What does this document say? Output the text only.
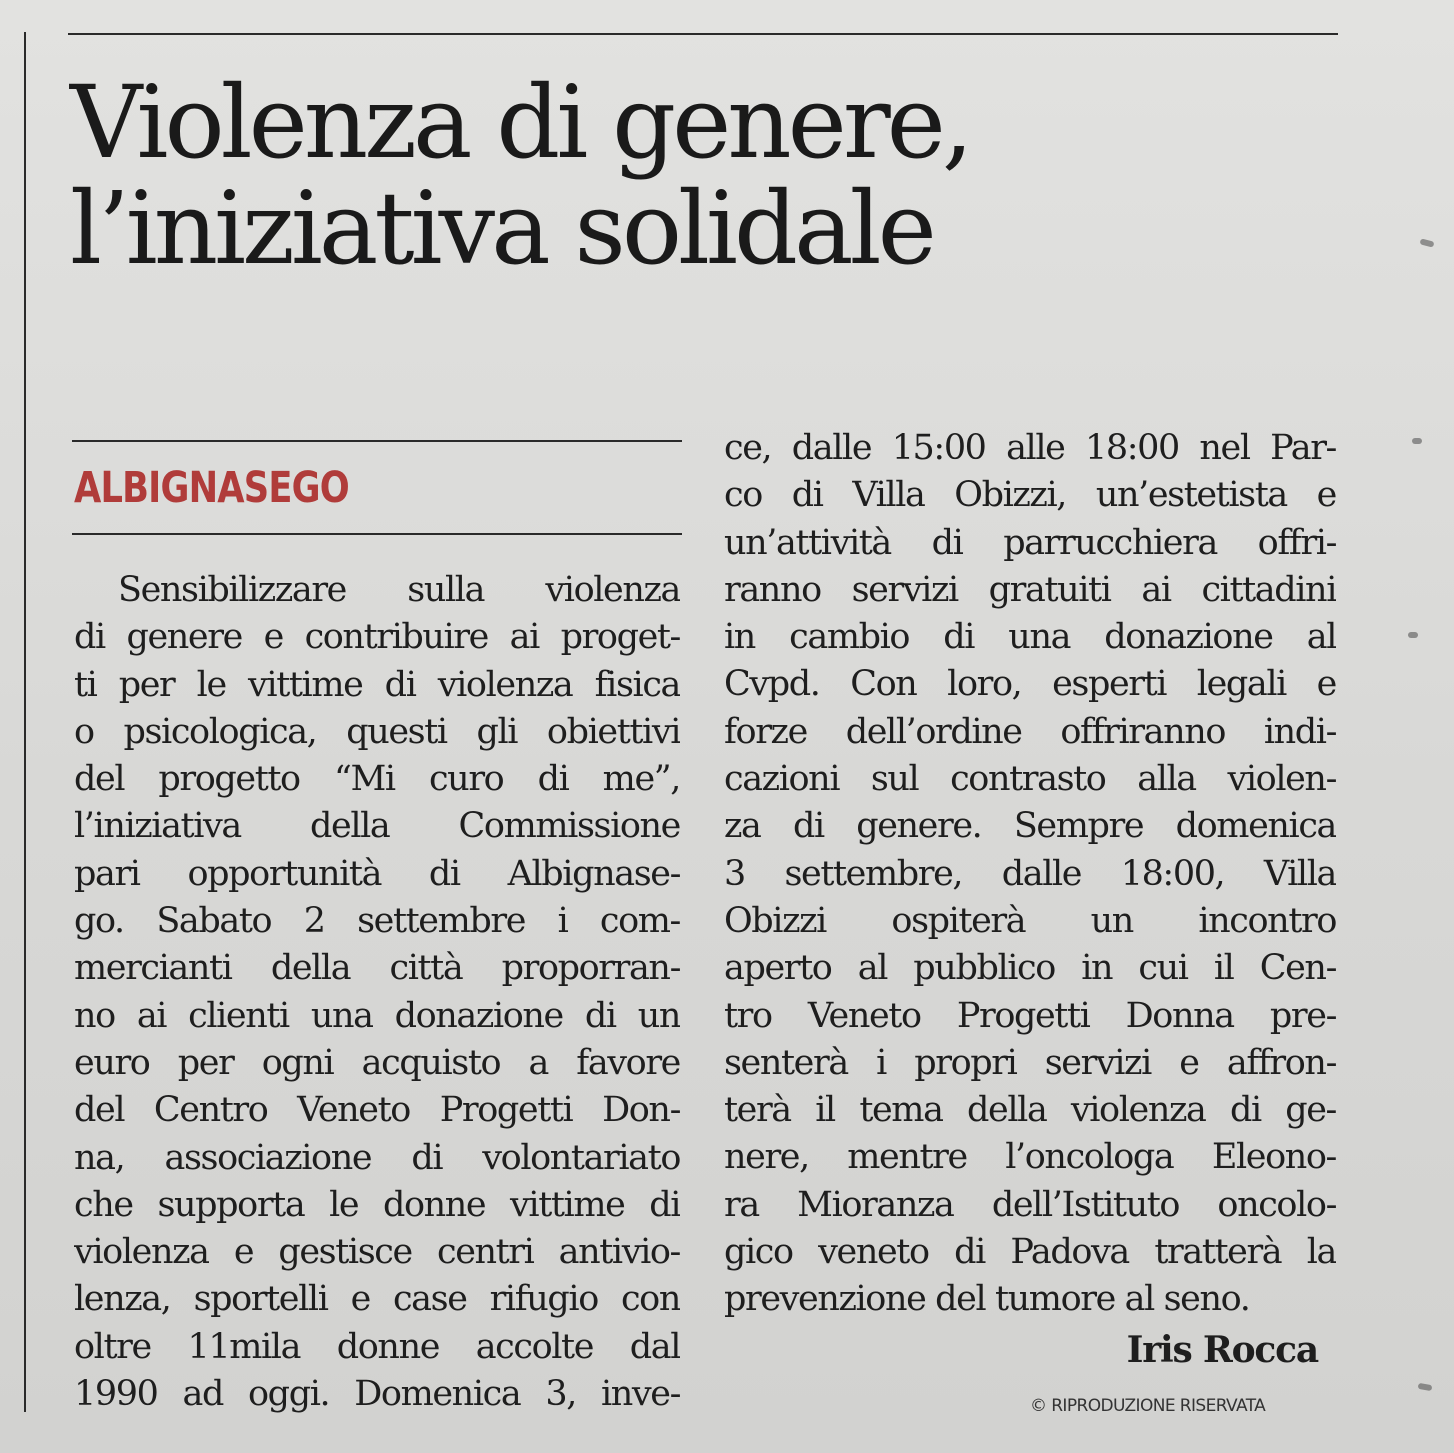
Violenza di genere,
l’iniziativa solidale

ALBIGNASEGO

Sensibilizzare sulla violenza
di genere e contribuire ai proget-
ti per le vittime di violenza fisica
o psicologica, questi gli obiettivi
del progetto “Mi curo di me”,
l’iniziativa della Commissione
pari opportunità di Albignase-
go. Sabato 2 settembre i com-
mercianti della città proporran-
no ai clienti una donazione di un
euro per ogni acquisto a favore
del Centro Veneto Progetti Don-
na, associazione di volontariato
che supporta le donne vittime di
violenza e gestisce centri antivio-
lenza, sportelli e case rifugio con
oltre 11mila donne accolte dal
1990 ad oggi. Domenica 3, inve-
ce, dalle 15:00 alle 18:00 nel Par-
co di Villa Obizzi, un’estetista e
un’attività di parrucchiera offri-
ranno servizi gratuiti ai cittadini
in cambio di una donazione al
Cvpd. Con loro, esperti legali e
forze dell’ordine offriranno indi-
cazioni sul contrasto alla violen-
za di genere. Sempre domenica
3 settembre, dalle 18:00, Villa
Obizzi ospiterà un incontro
aperto al pubblico in cui il Cen-
tro Veneto Progetti Donna pre-
senterà i propri servizi e affron-
terà il tema della violenza di ge-
nere, mentre l’oncologa Eleono-
ra Mioranza dell’Istituto oncolo-
gico veneto di Padova tratterà la
prevenzione del tumore al seno.

Iris Rocca

© RIPRODUZIONE RISERVATA
